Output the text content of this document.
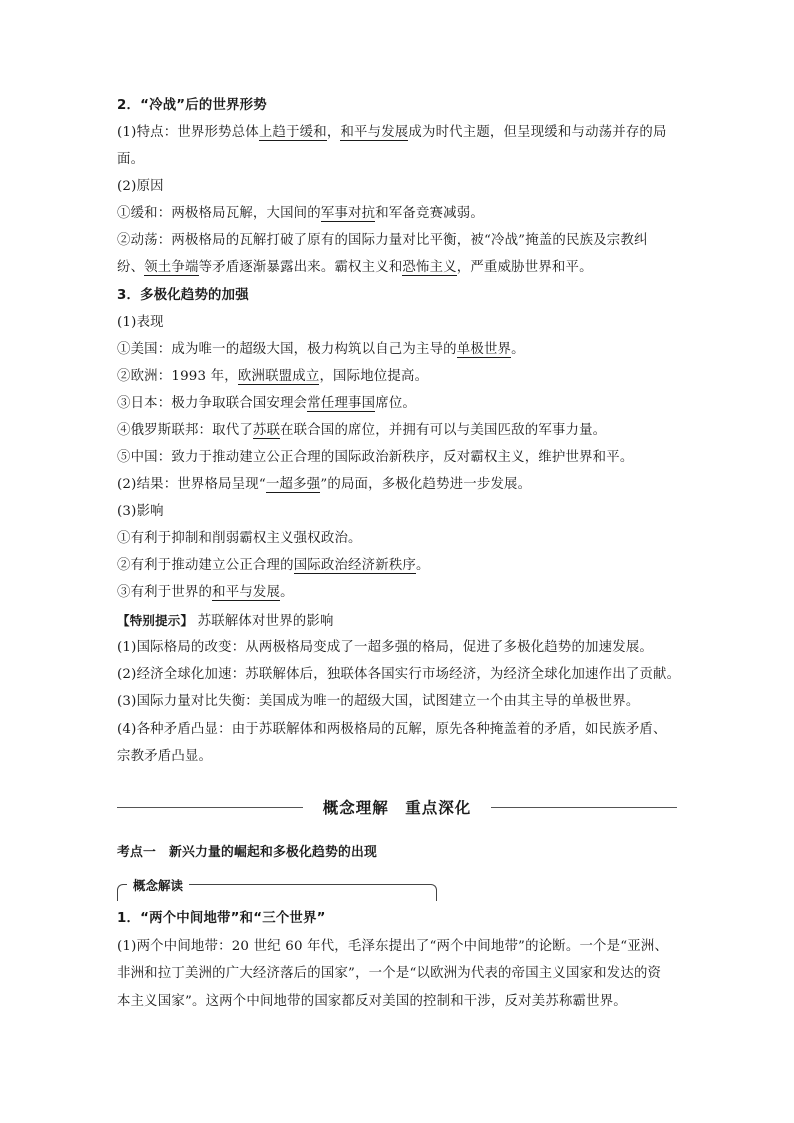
2．“冷战”后的世界形势
(1)特点：世界形势总体上趋于缓和，和平与发展成为时代主题，但呈现缓和与动荡并存的局
面。
(2)原因
①缓和：两极格局瓦解，大国间的军事对抗和军备竞赛减弱。
②动荡：两极格局的瓦解打破了原有的国际力量对比平衡，被“冷战”掩盖的民族及宗教纠
纷、领土争端等矛盾逐渐暴露出来。霸权主义和恐怖主义，严重威胁世界和平。
3．多极化趋势的加强
(1)表现
①美国：成为唯一的超级大国，极力构筑以自己为主导的单极世界。
②欧洲：1993 年，欧洲联盟成立，国际地位提高。
③日本：极力争取联合国安理会常任理事国席位。
④俄罗斯联邦：取代了苏联在联合国的席位，并拥有可以与美国匹敌的军事力量。
⑤中国：致力于推动建立公正合理的国际政治新秩序，反对霸权主义，维护世界和平。
(2)结果：世界格局呈现“一超多强”的局面，多极化趋势进一步发展。
(3)影响
①有利于抑制和削弱霸权主义强权政治。
②有利于推动建立公正合理的国际政治经济新秩序。
③有利于世界的和平与发展。
【特别提示】 苏联解体对世界的影响
(1)国际格局的改变：从两极格局变成了一超多强的格局，促进了多极化趋势的加速发展。
(2)经济全球化加速：苏联解体后，独联体各国实行市场经济，为经济全球化加速作出了贡献。
(3)国际力量对比失衡：美国成为唯一的超级大国，试图建立一个由其主导的单极世界。
(4)各种矛盾凸显：由于苏联解体和两极格局的瓦解，原先各种掩盖着的矛盾，如民族矛盾、
宗教矛盾凸显。
概念理解　重点深化
考点一　新兴力量的崛起和多极化趋势的出现
概念解读
1．“两个中间地带”和“三个世界”
(1)两个中间地带：20 世纪 60 年代，毛泽东提出了“两个中间地带”的论断。一个是“亚洲、
非洲和拉丁美洲的广大经济落后的国家”，一个是“以欧洲为代表的帝国主义国家和发达的资
本主义国家”。这两个中间地带的国家都反对美国的控制和干涉，反对美苏称霸世界。
